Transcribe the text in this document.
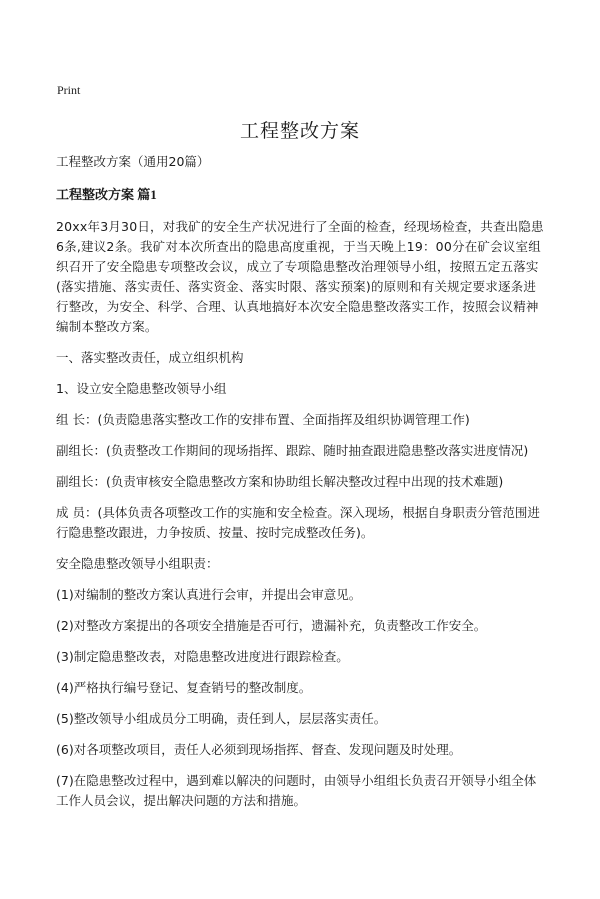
Print
工程整改方案

工程整改方案（通用20篇）

工程整改方案 篇1

20xx年3月30日，对我矿的安全生产状况进行了全面的检查，经现场检查，共查出隐患6条,建议2条。我矿对本次所查出的隐患高度重视，于当天晚上19：00分在矿会议室组织召开了安全隐患专项整改会议，成立了专项隐患整改治理领导小组，按照五定五落实(落实措施、落实责任、落实资金、落实时限、落实预案)的原则和有关规定要求逐条进行整改，为安全、科学、合理、认真地搞好本次安全隐患整改落实工作，按照会议精神编制本整改方案。

一、落实整改责任，成立组织机构

1、设立安全隐患整改领导小组

组 长：(负责隐患落实整改工作的安排布置、全面指挥及组织协调管理工作)

副组长：(负责整改工作期间的现场指挥、跟踪、随时抽查跟进隐患整改落实进度情况)

副组长：(负责审核安全隐患整改方案和协助组长解决整改过程中出现的技术难题)

成 员：(具体负责各项整改工作的实施和安全检查。深入现场，根据自身职责分管范围进行隐患整改跟进，力争按质、按量、按时完成整改任务)。

安全隐患整改领导小组职责：

(1)对编制的整改方案认真进行会审，并提出会审意见。

(2)对整改方案提出的各项安全措施是否可行，遗漏补充，负责整改工作安全。

(3)制定隐患整改表，对隐患整改进度进行跟踪检查。

(4)严格执行编号登记、复查销号的整改制度。

(5)整改领导小组成员分工明确，责任到人，层层落实责任。

(6)对各项整改项目，责任人必须到现场指挥、督查、发现问题及时处理。

(7)在隐患整改过程中，遇到难以解决的问题时，由领导小组组长负责召开领导小组全体工作人员会议，提出解决问题的方法和措施。
